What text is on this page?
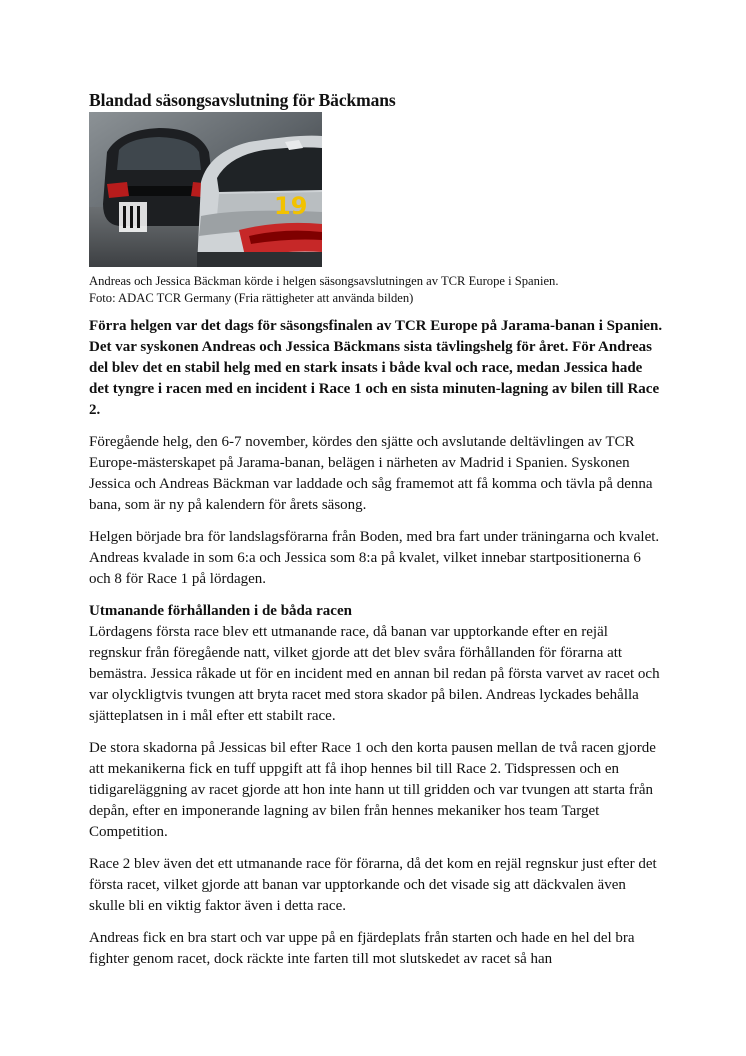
Blandad säsongsavslutning för Bäckmans
19
Andreas och Jessica Bäckman körde i helgen säsongsavslutningen av TCR Europe i Spanien.
Foto: ADAC TCR Germany (Fria rättigheter att använda bilden)
Förra helgen var det dags för säsongsfinalen av TCR Europe på Jarama-banan i Spanien. Det var syskonen Andreas och Jessica Bäckmans sista tävlingshelg för året. För Andreas del blev det en stabil helg med en stark insats i både kval och race, medan Jessica hade det tyngre i racen med en incident i Race 1 och en sista minuten-lagning av bilen till Race 2.

Föregående helg, den 6-7 november, kördes den sjätte och avslutande deltävlingen av TCR Europe-mästerskapet på Jarama-banan, belägen i närheten av Madrid i Spanien. Syskonen Jessica och Andreas Bäckman var laddade och såg framemot att få komma och tävla på denna bana, som är ny på kalendern för årets säsong.

Helgen började bra för landslagsförarna från Boden, med bra fart under träningarna och kvalet. Andreas kvalade in som 6:a och Jessica som 8:a på kvalet, vilket innebar startpositionerna 6 och 8 för Race 1 på lördagen.

Utmanande förhållanden i de båda racen

Lördagens första race blev ett utmanande race, då banan var upptorkande efter en rejäl regnskur från föregående natt, vilket gjorde att det blev svåra förhållanden för förarna att bemästra. Jessica råkade ut för en incident med en annan bil redan på första varvet av racet och var olyckligtvis tvungen att bryta racet med stora skador på bilen. Andreas lyckades behålla sjätteplatsen in i mål efter ett stabilt race.

De stora skadorna på Jessicas bil efter Race 1 och den korta pausen mellan de två racen gjorde att mekanikerna fick en tuff uppgift att få ihop hennes bil till Race 2. Tidspressen och en tidigareläggning av racet gjorde att hon inte hann ut till gridden och var tvungen att starta från depån, efter en imponerande lagning av bilen från hennes mekaniker hos team Target Competition.

Race 2 blev även det ett utmanande race för förarna, då det kom en rejäl regnskur just efter det första racet, vilket gjorde att banan var upptorkande och det visade sig att däckvalen även skulle bli en viktig faktor även i detta race.

Andreas fick en bra start och var uppe på en fjärdeplats från starten och hade en hel del bra fighter genom racet, dock räckte inte farten till mot slutskedet av racet så han
